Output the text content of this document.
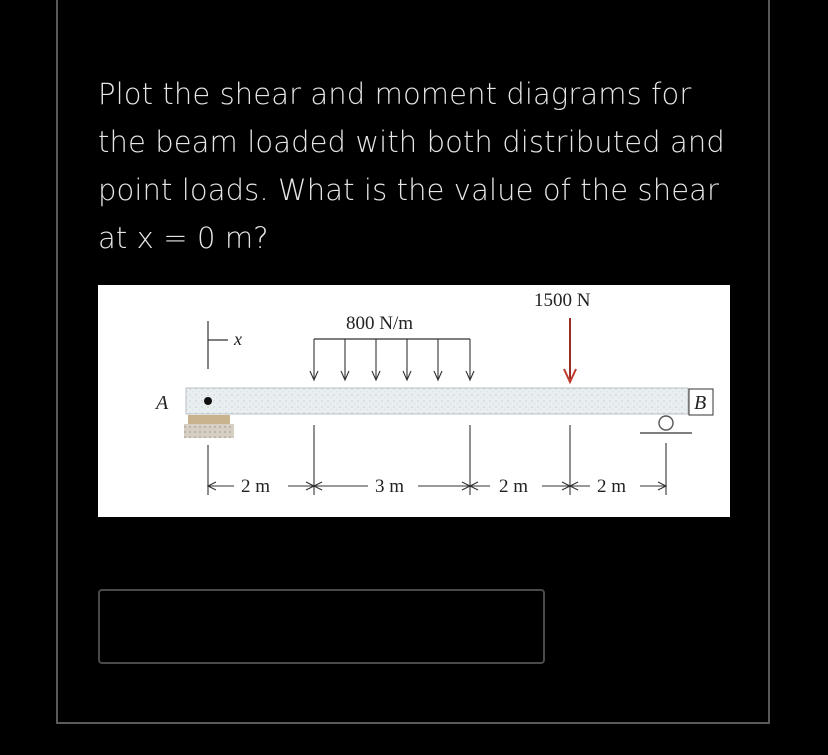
Plot the shear and moment diagrams for the beam loaded with both distributed and point loads. What is the value of the shear at x = 0 m?
x
800 N/m
1500 N
A	B
2 m	3 m	2 m	2 m
